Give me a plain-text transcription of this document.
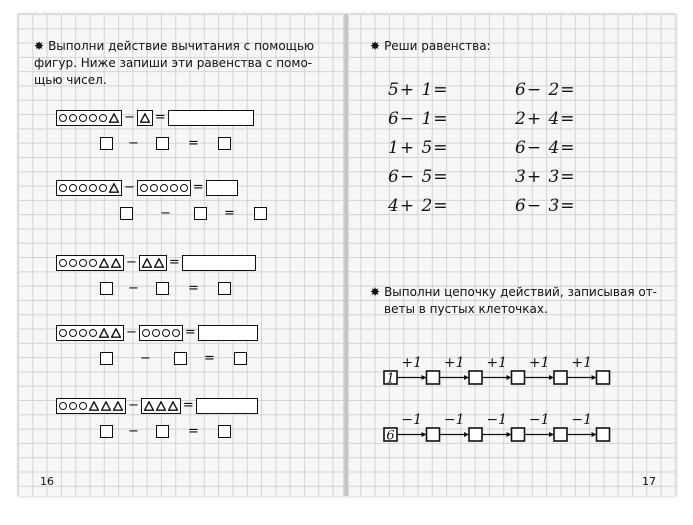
✸ Выполни действие вычитания с помощью
фигур. Ниже запиши эти равенства с помо-
щью чисел.
− =
−	=
−	=
−	=
− =
−	=
−	=
−	=
−	=
−	=
16
✸ Реши равенства:
5+ 1=
6− 1=
1+ 5=
6− 5=
4+ 2=
6− 2=
2+ 4=
6− 4=
3+ 3=
6− 3=
✸ Выполни цепочку действий, записывая от-
веты в пустых клеточках.
1
+1 +1 +1 +1 +1
6
−1 −1 −1 −1 −1
17
